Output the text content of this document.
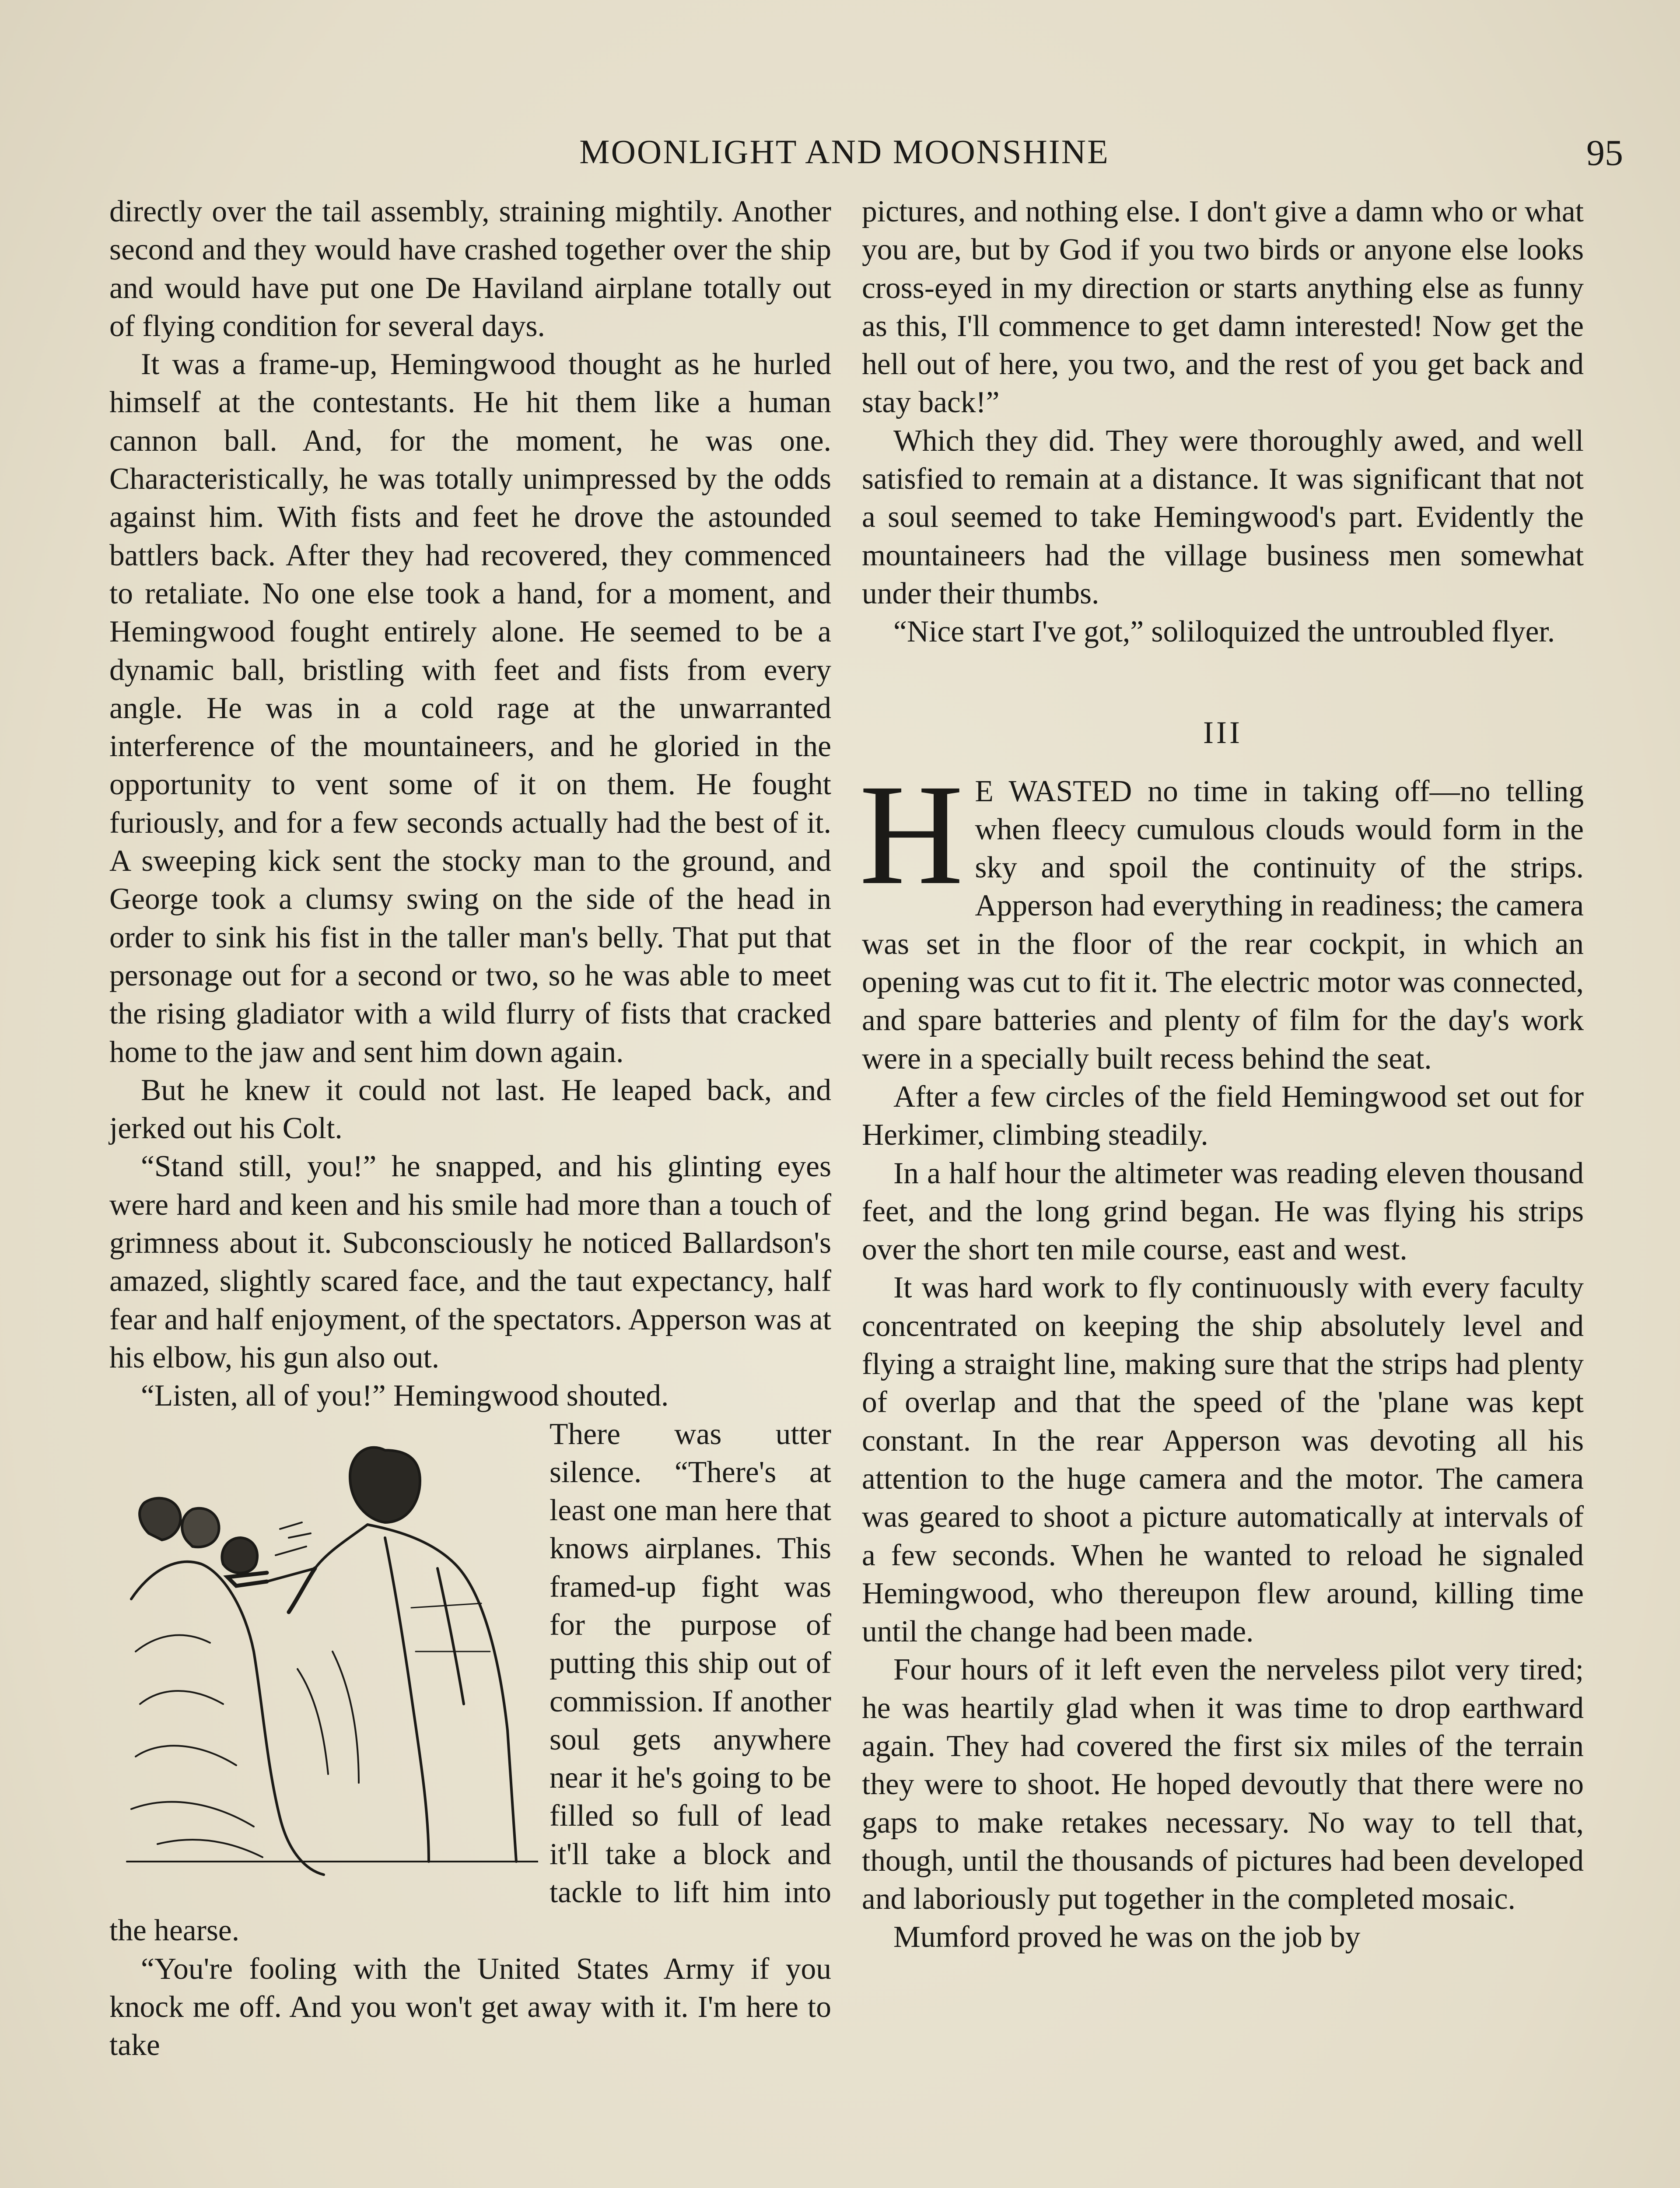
MOONLIGHT AND MOONSHINE	95

directly over the tail assembly, straining mightily. Another second and they would have crashed together over the ship and would have put one De Haviland airplane totally out of flying condition for several days.

It was a frame-up, Hemingwood thought as he hurled himself at the contestants. He hit them like a human cannon ball. And, for the moment, he was one. Characteristically, he was totally unimpressed by the odds against him. With fists and feet he drove the astounded battlers back. After they had recovered, they commenced to retaliate. No one else took a hand, for a moment, and Hemingwood fought entirely alone. He seemed to be a dynamic ball, bristling with feet and fists from every angle. He was in a cold rage at the unwarranted interference of the mountaineers, and he gloried in the opportunity to vent some of it on them. He fought furiously, and for a few seconds actually had the best of it. A sweeping kick sent the stocky man to the ground, and George took a clumsy swing on the side of the head in order to sink his fist in the taller man's belly. That put that personage out for a second or two, so he was able to meet the rising gladiator with a wild flurry of fists that cracked home to the jaw and sent him down again.

But he knew it could not last. He leaped back, and jerked out his Colt.

“Stand still, you!” he snapped, and his glinting eyes were hard and keen and his smile had more than a touch of grimness about it. Subconsciously he noticed Ballardson's amazed, slightly scared face, and the taut expectancy, half fear and half enjoyment, of the spectators. Apperson was at his elbow, his gun also out.

“Listen, all of you!” Hemingwood shouted.

There was utter silence. “There's at least one man here that knows airplanes. This framed-up fight was for the purpose of putting this ship out of commission. If another soul gets anywhere near it he's going to be filled so full of lead it'll take a block and tackle to lift him into the hearse.

“You're fooling with the United States Army if you knock me off. And you won't get away with it. I'm here to take

pictures, and nothing else. I don't give a damn who or what you are, but by God if you two birds or anyone else looks cross-eyed in my direction or starts anything else as funny as this, I'll commence to get damn interested! Now get the hell out of here, you two, and the rest of you get back and stay back!”

Which they did. They were thoroughly awed, and well satisfied to remain at a distance. It was significant that not a soul seemed to take Hemingwood's part. Evidently the mountaineers had the village business men somewhat under their thumbs.

“Nice start I've got,” soliloquized the untroubled flyer.

III

H E WASTED no time in taking off—no telling when fleecy cumulous clouds would form in the sky and spoil the continuity of the strips. Apperson had everything in readiness; the camera was set in the floor of the rear cockpit, in which an opening was cut to fit it. The electric motor was connected, and spare batteries and plenty of film for the day's work were in a specially built recess behind the seat.

After a few circles of the field Hemingwood set out for Herkimer, climbing steadily.

In a half hour the altimeter was reading eleven thousand feet, and the long grind began. He was flying his strips over the short ten mile course, east and west.

It was hard work to fly continuously with every faculty concentrated on keeping the ship absolutely level and flying a straight line, making sure that the strips had plenty of overlap and that the speed of the 'plane was kept constant. In the rear Apperson was devoting all his attention to the huge camera and the motor. The camera was geared to shoot a picture automatically at intervals of a few seconds. When he wanted to reload he signaled Hemingwood, who thereupon flew around, killing time until the change had been made.

Four hours of it left even the nerveless pilot very tired; he was heartily glad when it was time to drop earthward again. They had covered the first six miles of the terrain they were to shoot. He hoped devoutly that there were no gaps to make retakes necessary. No way to tell that, though, until the thousands of pictures had been developed and laboriously put together in the completed mosaic.

Mumford proved he was on the job by
